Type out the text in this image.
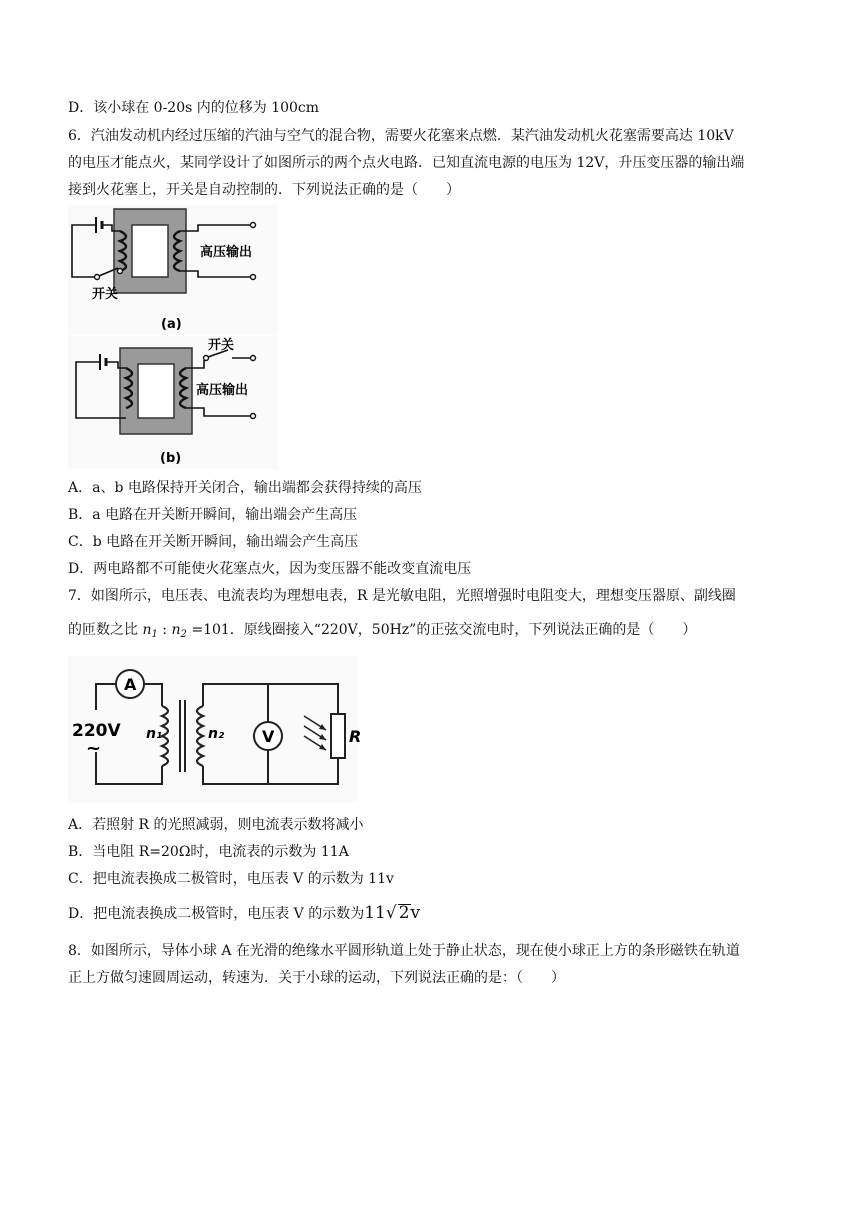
D．该小球在 0-20s 内的位移为 100cm
6．汽油发动机内经过压缩的汽油与空气的混合物，需要火花塞来点燃．某汽油发动机火花塞需要高达 10kV
的电压才能点火，某同学设计了如图所示的两个点火电路．已知直流电源的电压为 12V，升压变压器的输出端
接到火花塞上，开关是自动控制的．下列说法正确的是（　　）
高压输出
开关
(a)
开关
高压输出
(b)
A．a、b 电路保持开关闭合，输出端都会获得持续的高压
B．a 电路在开关断开瞬间，输出端会产生高压
C．b 电路在开关断开瞬间，输出端会产生高压
D．两电路都不可能使火花塞点火，因为变压器不能改变直流电压
7．如图所示，电压表、电流表均为理想电表，R 是光敏电阻，光照增强时电阻变大，理想变压器原、副线圈
的匝数之比 $n_1$ : $n_2 =101$．原线圈接入“220V，50Hz”的正弦交流电时，下列说法正确的是（　　）
A
220V
~
n₁	n₂ V	R
A．若照射 R 的光照减弱，则电流表示数将减小
B．当电阻 R=20Ω时，电流表的示数为 11A
C．把电流表换成二极管时，电压表 V 的示数为 11v
D．把电流表换成二极管时，电压表 V 的示数为11√ 2v
8．如图所示，导体小球 A 在光滑的绝缘水平圆形轨道上处于静止状态，现在使小球正上方的条形磁铁在轨道
正上方做匀速圆周运动，转速为．关于小球的运动，下列说法正确的是：（　　）
